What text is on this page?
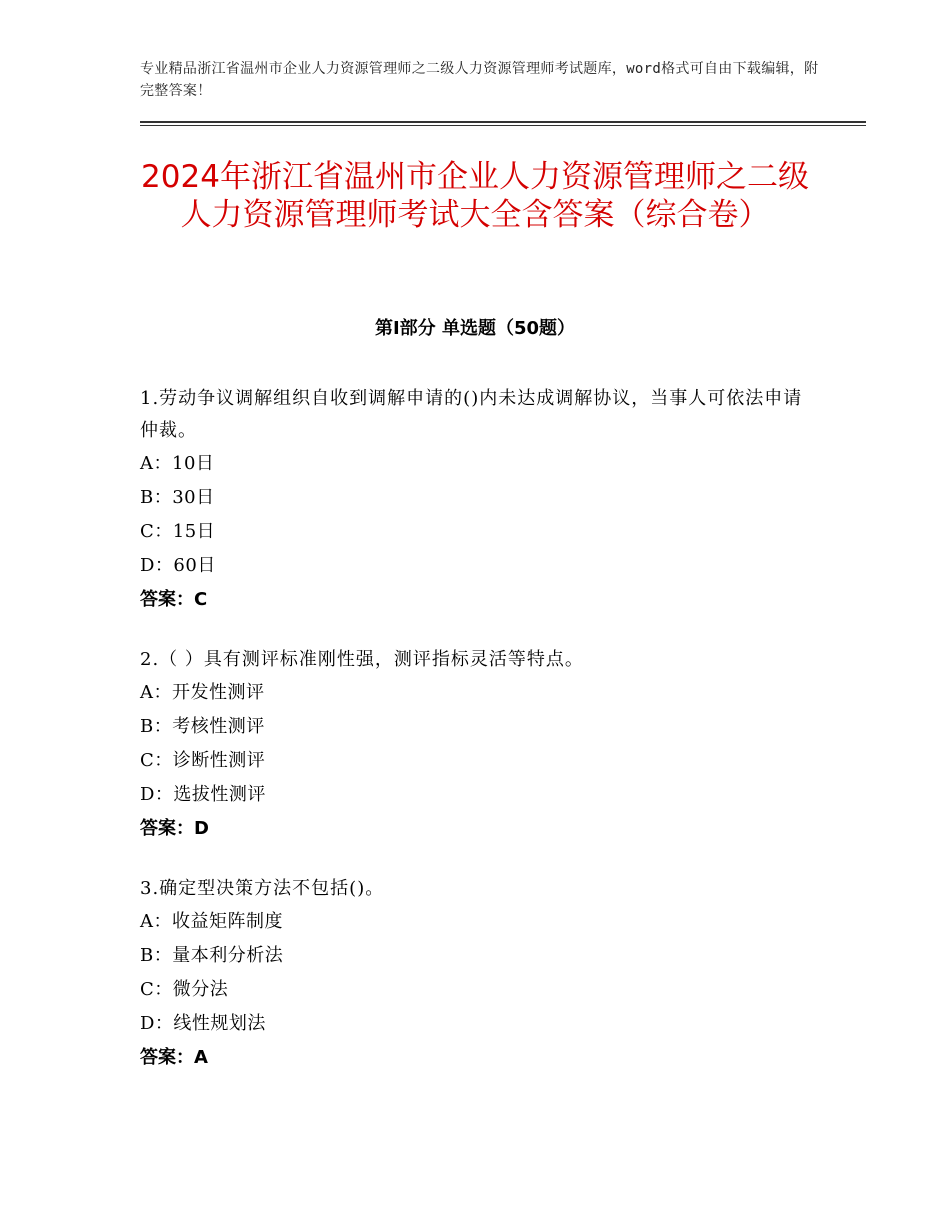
专业精品浙江省温州市企业人力资源管理师之二级人力资源管理师考试题库，word格式可自由下载编辑，附完整答案！
2024年浙江省温州市企业人力资源管理师之二级人力资源管理师考试大全含答案（综合卷）
第Ⅰ部分 单选题（50题）
1.劳动争议调解组织自收到调解申请的()内未达成调解协议，当事人可依法申请仲裁。
A：10日
B：30日
C：15日
D：60日
答案：C
2.（ ）具有测评标准刚性强，测评指标灵活等特点。
A：开发性测评
B：考核性测评
C：诊断性测评
D：选拔性测评
答案：D
3.确定型决策方法不包括()。
A：收益矩阵制度
B：量本利分析法
C：微分法
D：线性规划法
答案：A
